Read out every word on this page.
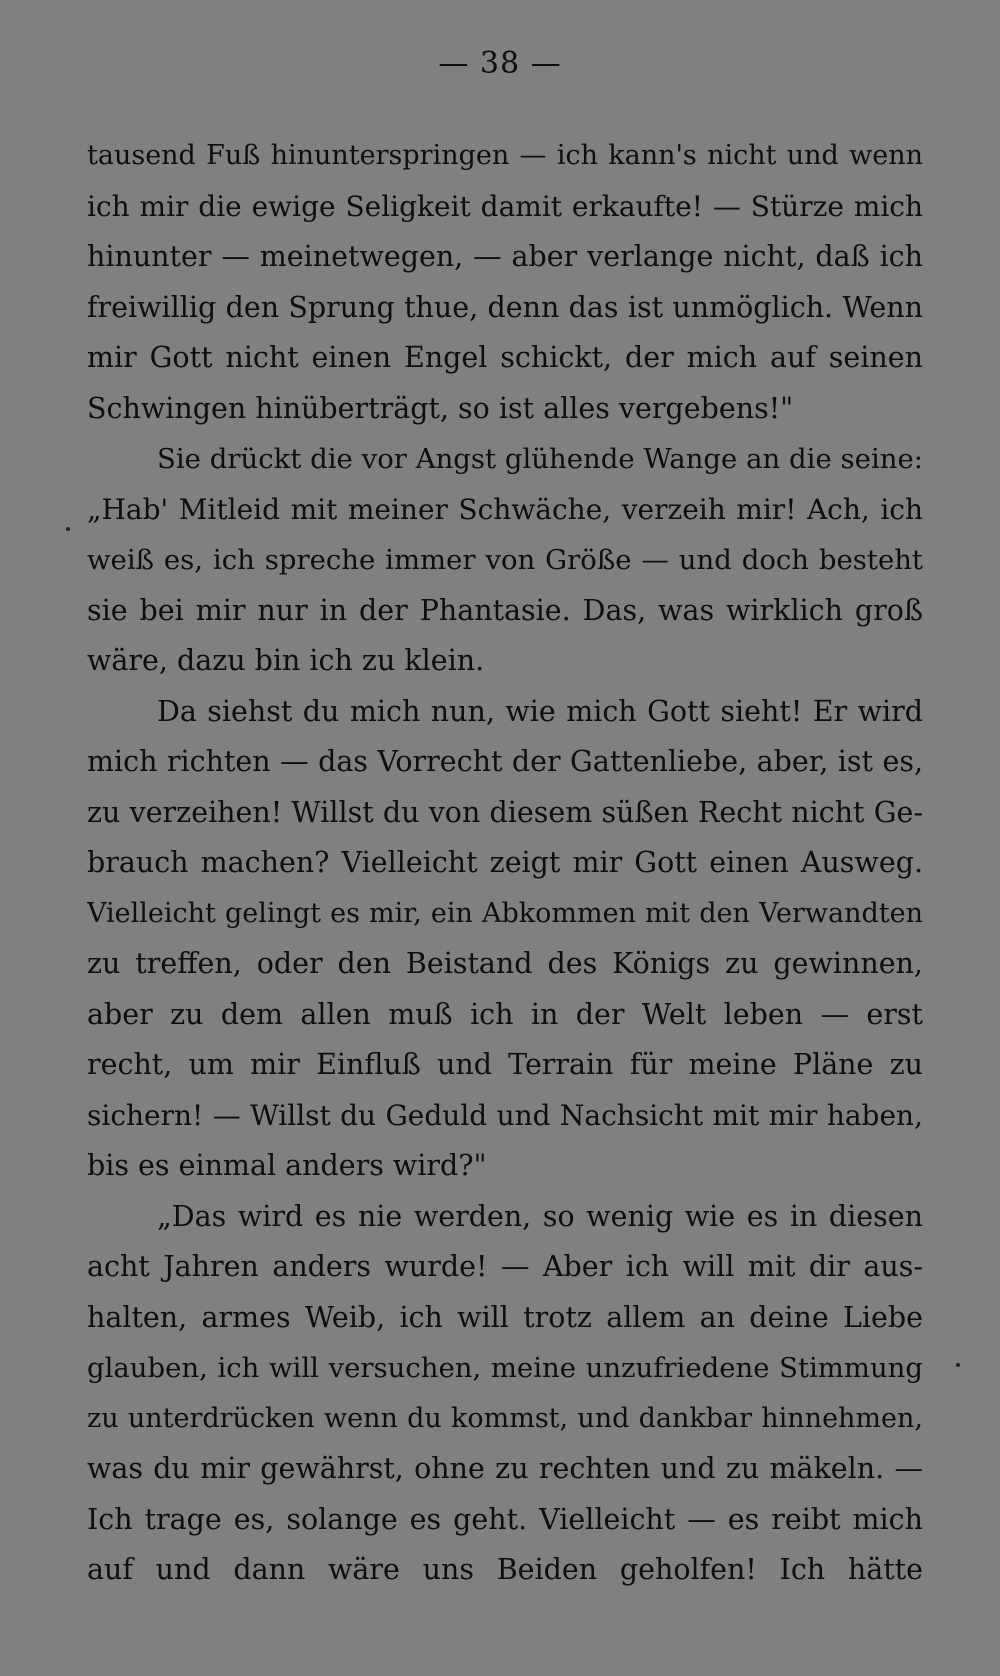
— 38 —
tausend Fuß hinunterspringen — ich kann's nicht und wenn
ich mir die ewige Seligkeit damit erkaufte! — Stürze mich
hinunter — meinetwegen, — aber verlange nicht, daß ich
freiwillig den Sprung thue, denn das ist unmöglich. Wenn
mir Gott nicht einen Engel schickt, der mich auf seinen
Schwingen hinüberträgt, so ist alles vergebens!"
Sie drückt die vor Angst glühende Wange an die seine:
„Hab' Mitleid mit meiner Schwäche, verzeih mir! Ach, ich
weiß es, ich spreche immer von Größe — und doch besteht
sie bei mir nur in der Phantasie. Das, was wirklich groß
wäre, dazu bin ich zu klein.
Da siehst du mich nun, wie mich Gott sieht! Er wird
mich richten — das Vorrecht der Gattenliebe, aber, ist es,
zu verzeihen! Willst du von diesem süßen Recht nicht Ge-
brauch machen? Vielleicht zeigt mir Gott einen Ausweg.
Vielleicht gelingt es mir, ein Abkommen mit den Verwandten
zu treffen, oder den Beistand des Königs zu gewinnen,
aber zu dem allen muß ich in der Welt leben — erst
recht, um mir Einfluß und Terrain für meine Pläne zu
sichern! — Willst du Geduld und Nachsicht mit mir haben,
bis es einmal anders wird?"
„Das wird es nie werden, so wenig wie es in diesen
acht Jahren anders wurde! — Aber ich will mit dir aus-
halten, armes Weib, ich will trotz allem an deine Liebe
glauben, ich will versuchen, meine unzufriedene Stimmung
zu unterdrücken wenn du kommst, und dankbar hinnehmen,
was du mir gewährst, ohne zu rechten und zu mäkeln. —
Ich trage es, solange es geht. Vielleicht — es reibt mich
auf und dann wäre uns Beiden geholfen! Ich hätte
